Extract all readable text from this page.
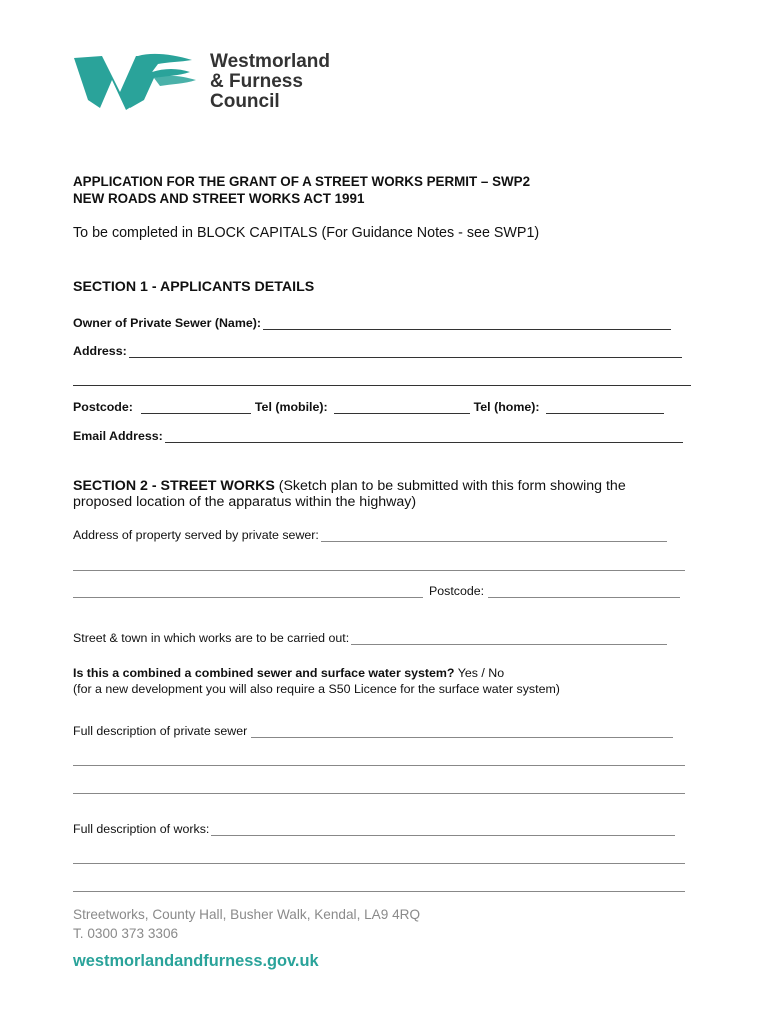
Westmorland
& Furness
Council
APPLICATION FOR THE GRANT OF A STREET WORKS PERMIT – SWP2
NEW ROADS AND STREET WORKS ACT 1991
To be completed in BLOCK CAPITALS (For Guidance Notes - see SWP1)
SECTION 1 - APPLICANTS DETAILS
Owner of Private Sewer (Name):
Address:
Postcode:	Tel (mobile):	Tel (home):
Email Address:
SECTION 2 - STREET WORKS (Sketch plan to be submitted with this form showing the
proposed location of the apparatus within the highway)
Address of property served by private sewer:
Postcode:
Street & town in which works are to be carried out:
Is this a combined a combined sewer and surface water system? Yes / No
(for a new development you will also require a S50 Licence for the surface water system)
Full description of private sewer
Full description of works:
Streetworks, County Hall, Busher Walk, Kendal, LA9 4RQ
T. 0300 373 3306
westmorlandandfurness.gov.uk
